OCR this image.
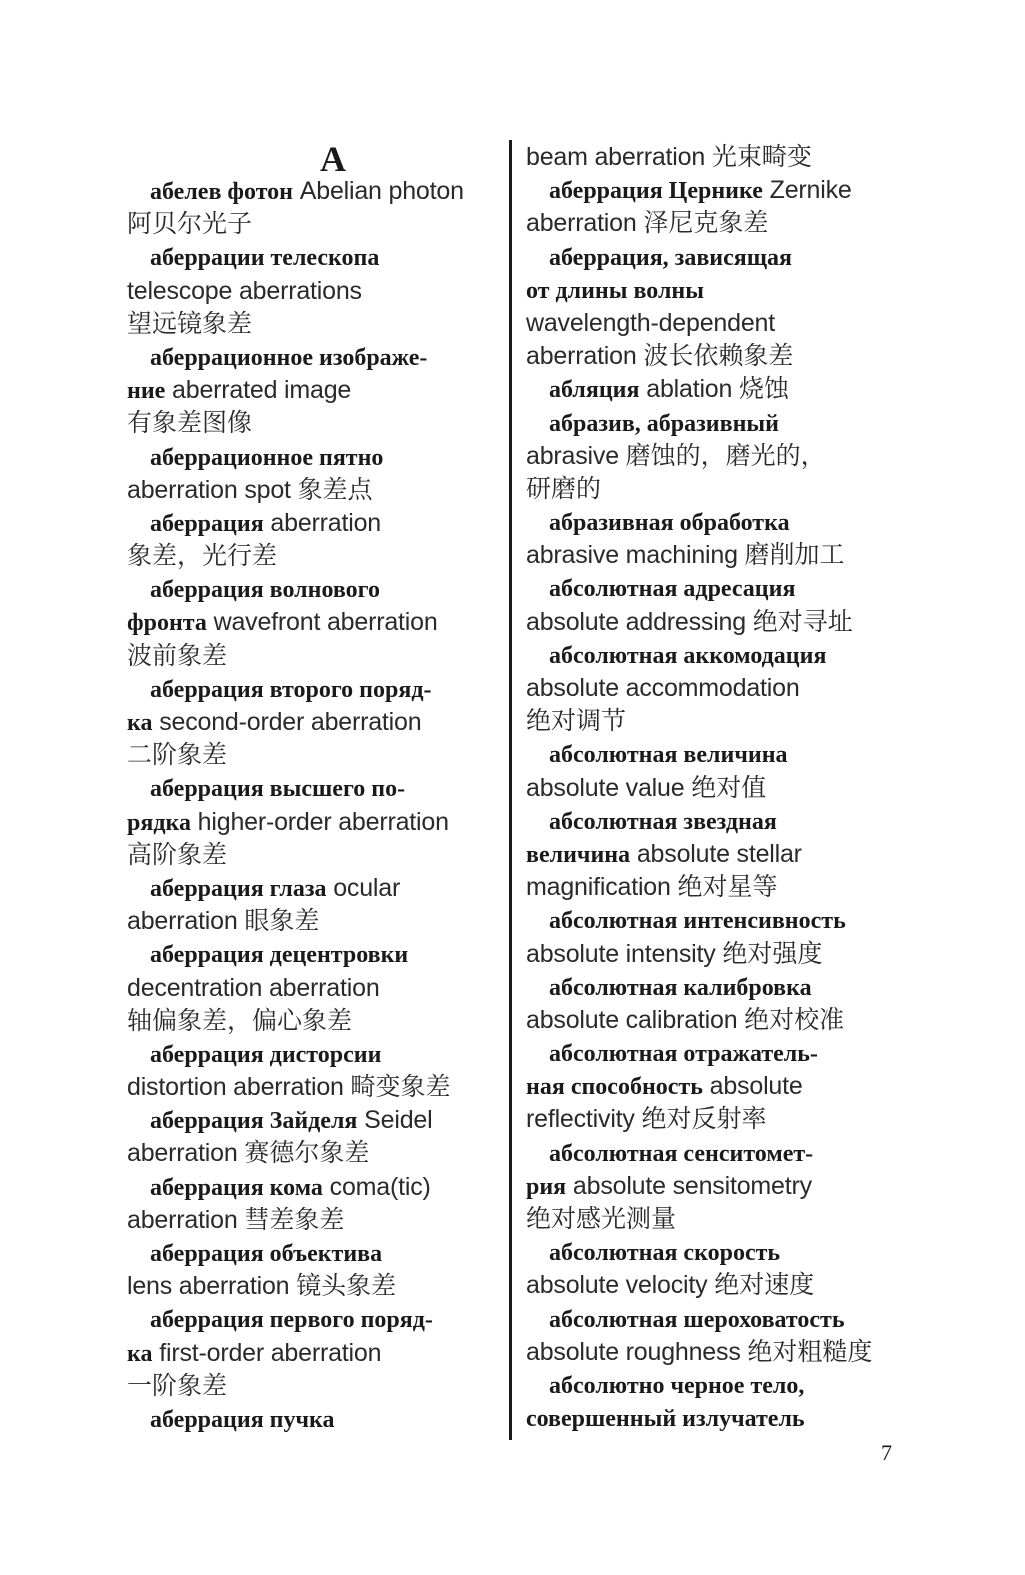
А
абелев фотон Abelian photon
阿贝尔光子
аберрации телескопа
telescope aberrations
望远镜象差
аберрационное изображе-
ние aberrated image
有象差图像
аберрационное пятно
aberration spot 象差点
аберрация aberration
象差，光行差
аберрация волнового
фронта wavefront aberration
波前象差
аберрация второго поряд-
ка second-order aberration
二阶象差
аберрация высшего по-
рядка higher-order aberration
高阶象差
аберрация глаза ocular
aberration 眼象差
аберрация децентровки
decentration aberration
轴偏象差，偏心象差
аберрация дисторсии
distortion aberration 畸变象差
аберрация Зайделя Seidel
aberration 赛德尔象差
аберрация кома coma(tic)
aberration 彗差象差
аберрация объектива
lens aberration 镜头象差
аберрация первого поряд-
ка first-order aberration
一阶象差
аберрация пучка
beam aberration 光束畸变
аберрация Цернике Zernike
aberration 泽尼克象差
аберрация, зависящая
от длины волны
wavelength-dependent
aberration 波长依赖象差
абляция ablation 烧蚀
абразив, абразивный
abrasive 磨蚀的，磨光的，
研磨的
абразивная обработка
abrasive machining 磨削加工
абсолютная адресация
absolute addressing 绝对寻址
абсолютная аккомодация
absolute accommodation
绝对调节
абсолютная величина
absolute value 绝对值
абсолютная звездная
величина absolute stellar
magnification 绝对星等
абсолютная интенсивность
absolute intensity 绝对强度
абсолютная калибровка
absolute calibration 绝对校准
абсолютная отражатель-
ная способность absolute
reflectivity 绝对反射率
абсолютная сенситомет-
рия absolute sensitometry
绝对感光测量
абсолютная скорость
absolute velocity 绝对速度
абсолютная шероховатость
absolute roughness 绝对粗糙度
абсолютно черное тело,
совершенный излучатель
7
